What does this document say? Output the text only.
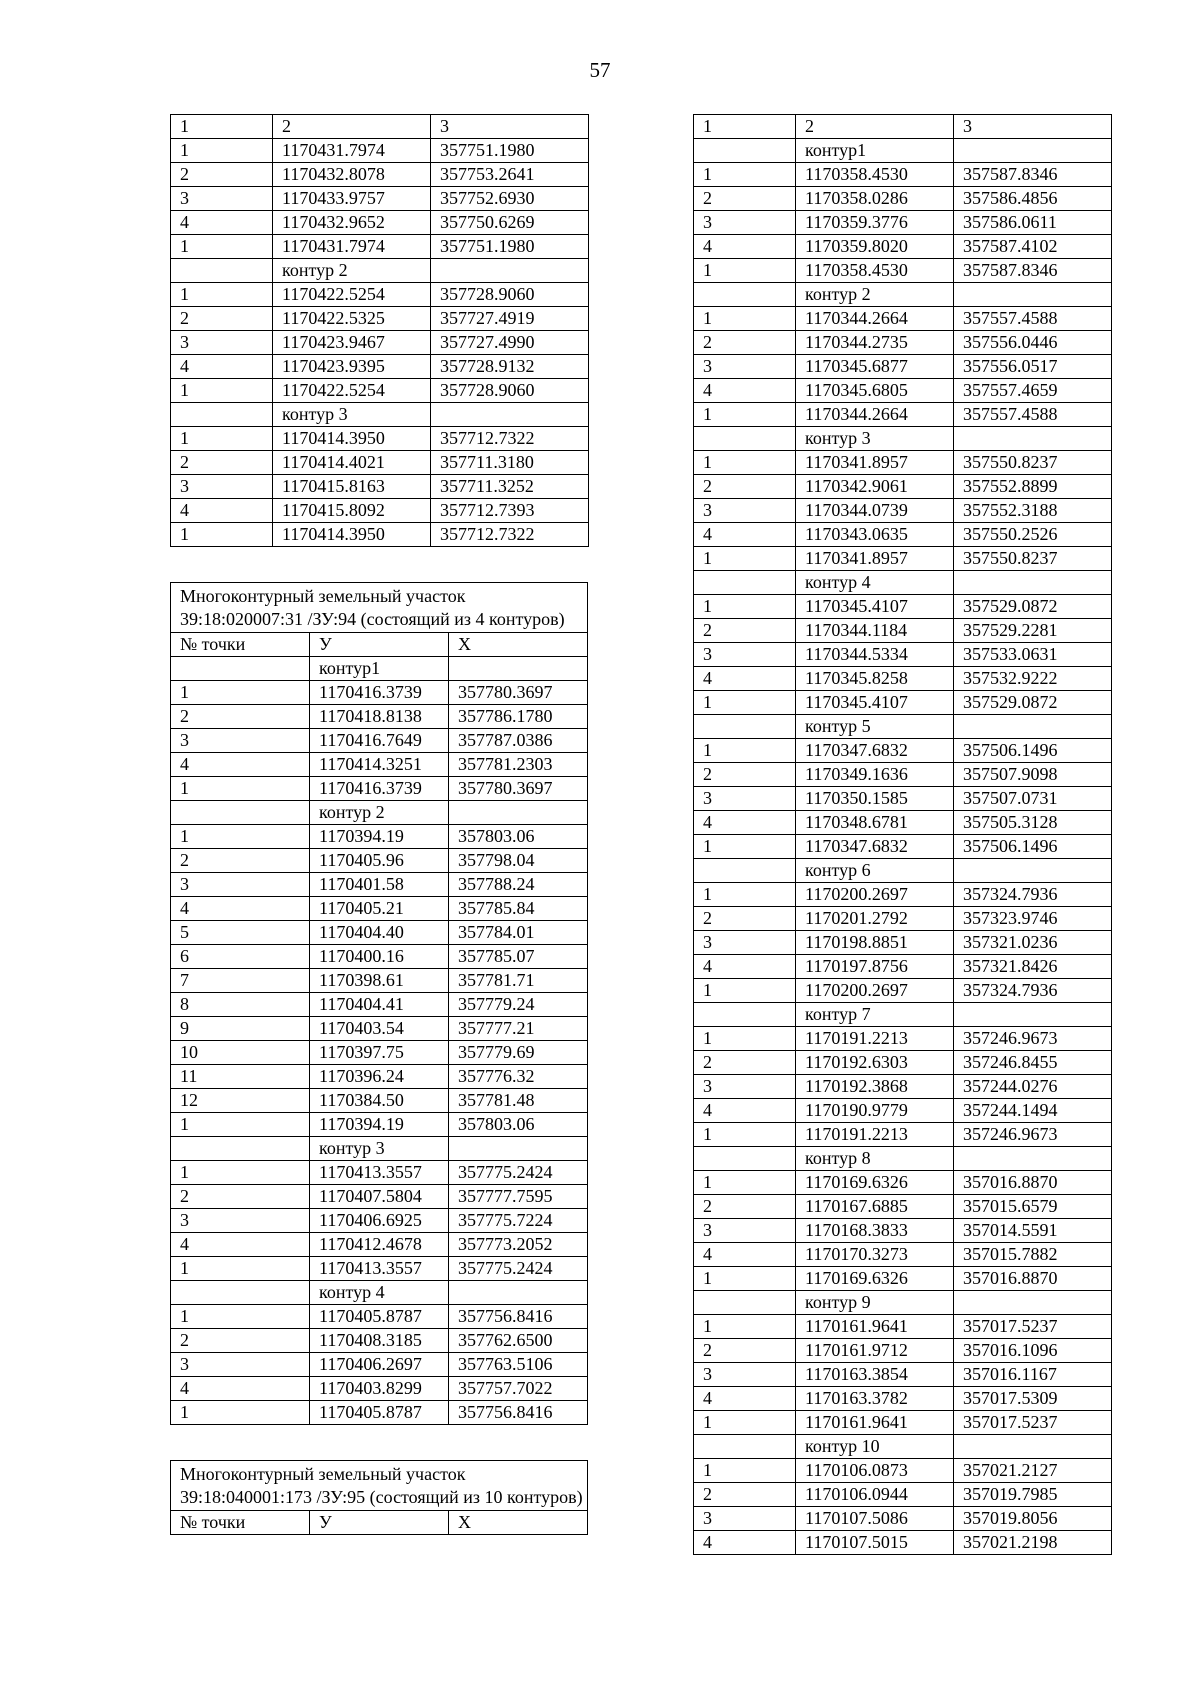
57
1	2	3
1	1170431.7974	357751.1980
2	1170432.8078	357753.2641
3	1170433.9757	357752.6930
4	1170432.9652	357750.6269
1	1170431.7974	357751.1980
	контур 2	
1	1170422.5254	357728.9060
2	1170422.5325	357727.4919
3	1170423.9467	357727.4990
4	1170423.9395	357728.9132
1	1170422.5254	357728.9060
	контур 3	
1	1170414.3950	357712.7322
2	1170414.4021	357711.3180
3	1170415.8163	357711.3252
4	1170415.8092	357712.7393
1	1170414.3950	357712.7322
Многоконтурный земельный участок 39:18:020007:31 /ЗУ:94 (состоящий из 4 контуров)		
№ точки	У	Х
	контур1	
1	1170416.3739	357780.3697
2	1170418.8138	357786.1780
3	1170416.7649	357787.0386
4	1170414.3251	357781.2303
1	1170416.3739	357780.3697
	контур 2	
1	1170394.19	357803.06
2	1170405.96	357798.04
3	1170401.58	357788.24
4	1170405.21	357785.84
5	1170404.40	357784.01
6	1170400.16	357785.07
7	1170398.61	357781.71
8	1170404.41	357779.24
9	1170403.54	357777.21
10	1170397.75	357779.69
11	1170396.24	357776.32
12	1170384.50	357781.48
1	1170394.19	357803.06
	контур 3	
1	1170413.3557	357775.2424
2	1170407.5804	357777.7595
3	1170406.6925	357775.7224
4	1170412.4678	357773.2052
1	1170413.3557	357775.2424
	контур 4	
1	1170405.8787	357756.8416
2	1170408.3185	357762.6500
3	1170406.2697	357763.5106
4	1170403.8299	357757.7022
1	1170405.8787	357756.8416
Многоконтурный земельный участок 39:18:040001:173 /ЗУ:95 (состоящий из 10 контуров)
№ точки	У	Х
1	2	3
	контур1	
1	1170358.4530	357587.8346
2	1170358.0286	357586.4856
3	1170359.3776	357586.0611
4	1170359.8020	357587.4102
1	1170358.4530	357587.8346
	контур 2	
1	1170344.2664	357557.4588
2	1170344.2735	357556.0446
3	1170345.6877	357556.0517
4	1170345.6805	357557.4659
1	1170344.2664	357557.4588
	контур 3	
1	1170341.8957	357550.8237
2	1170342.9061	357552.8899
3	1170344.0739	357552.3188
4	1170343.0635	357550.2526
1	1170341.8957	357550.8237
	контур 4	
1	1170345.4107	357529.0872
2	1170344.1184	357529.2281
3	1170344.5334	357533.0631
4	1170345.8258	357532.9222
1	1170345.4107	357529.0872
	контур 5	
1	1170347.6832	357506.1496
2	1170349.1636	357507.9098
3	1170350.1585	357507.0731
4	1170348.6781	357505.3128
1	1170347.6832	357506.1496
	контур 6	
1	1170200.2697	357324.7936
2	1170201.2792	357323.9746
3	1170198.8851	357321.0236
4	1170197.8756	357321.8426
1	1170200.2697	357324.7936
	контур 7	
1	1170191.2213	357246.9673
2	1170192.6303	357246.8455
3	1170192.3868	357244.0276
4	1170190.9779	357244.1494
1	1170191.2213	357246.9673
	контур 8	
1	1170169.6326	357016.8870
2	1170167.6885	357015.6579
3	1170168.3833	357014.5591
4	1170170.3273	357015.7882
1	1170169.6326	357016.8870
	контур 9	
1	1170161.9641	357017.5237
2	1170161.9712	357016.1096
3	1170163.3854	357016.1167
4	1170163.3782	357017.5309
1	1170161.9641	357017.5237
	контур 10	
1	1170106.0873	357021.2127
2	1170106.0944	357019.7985
3	1170107.5086	357019.8056
4	1170107.5015	357021.2198
